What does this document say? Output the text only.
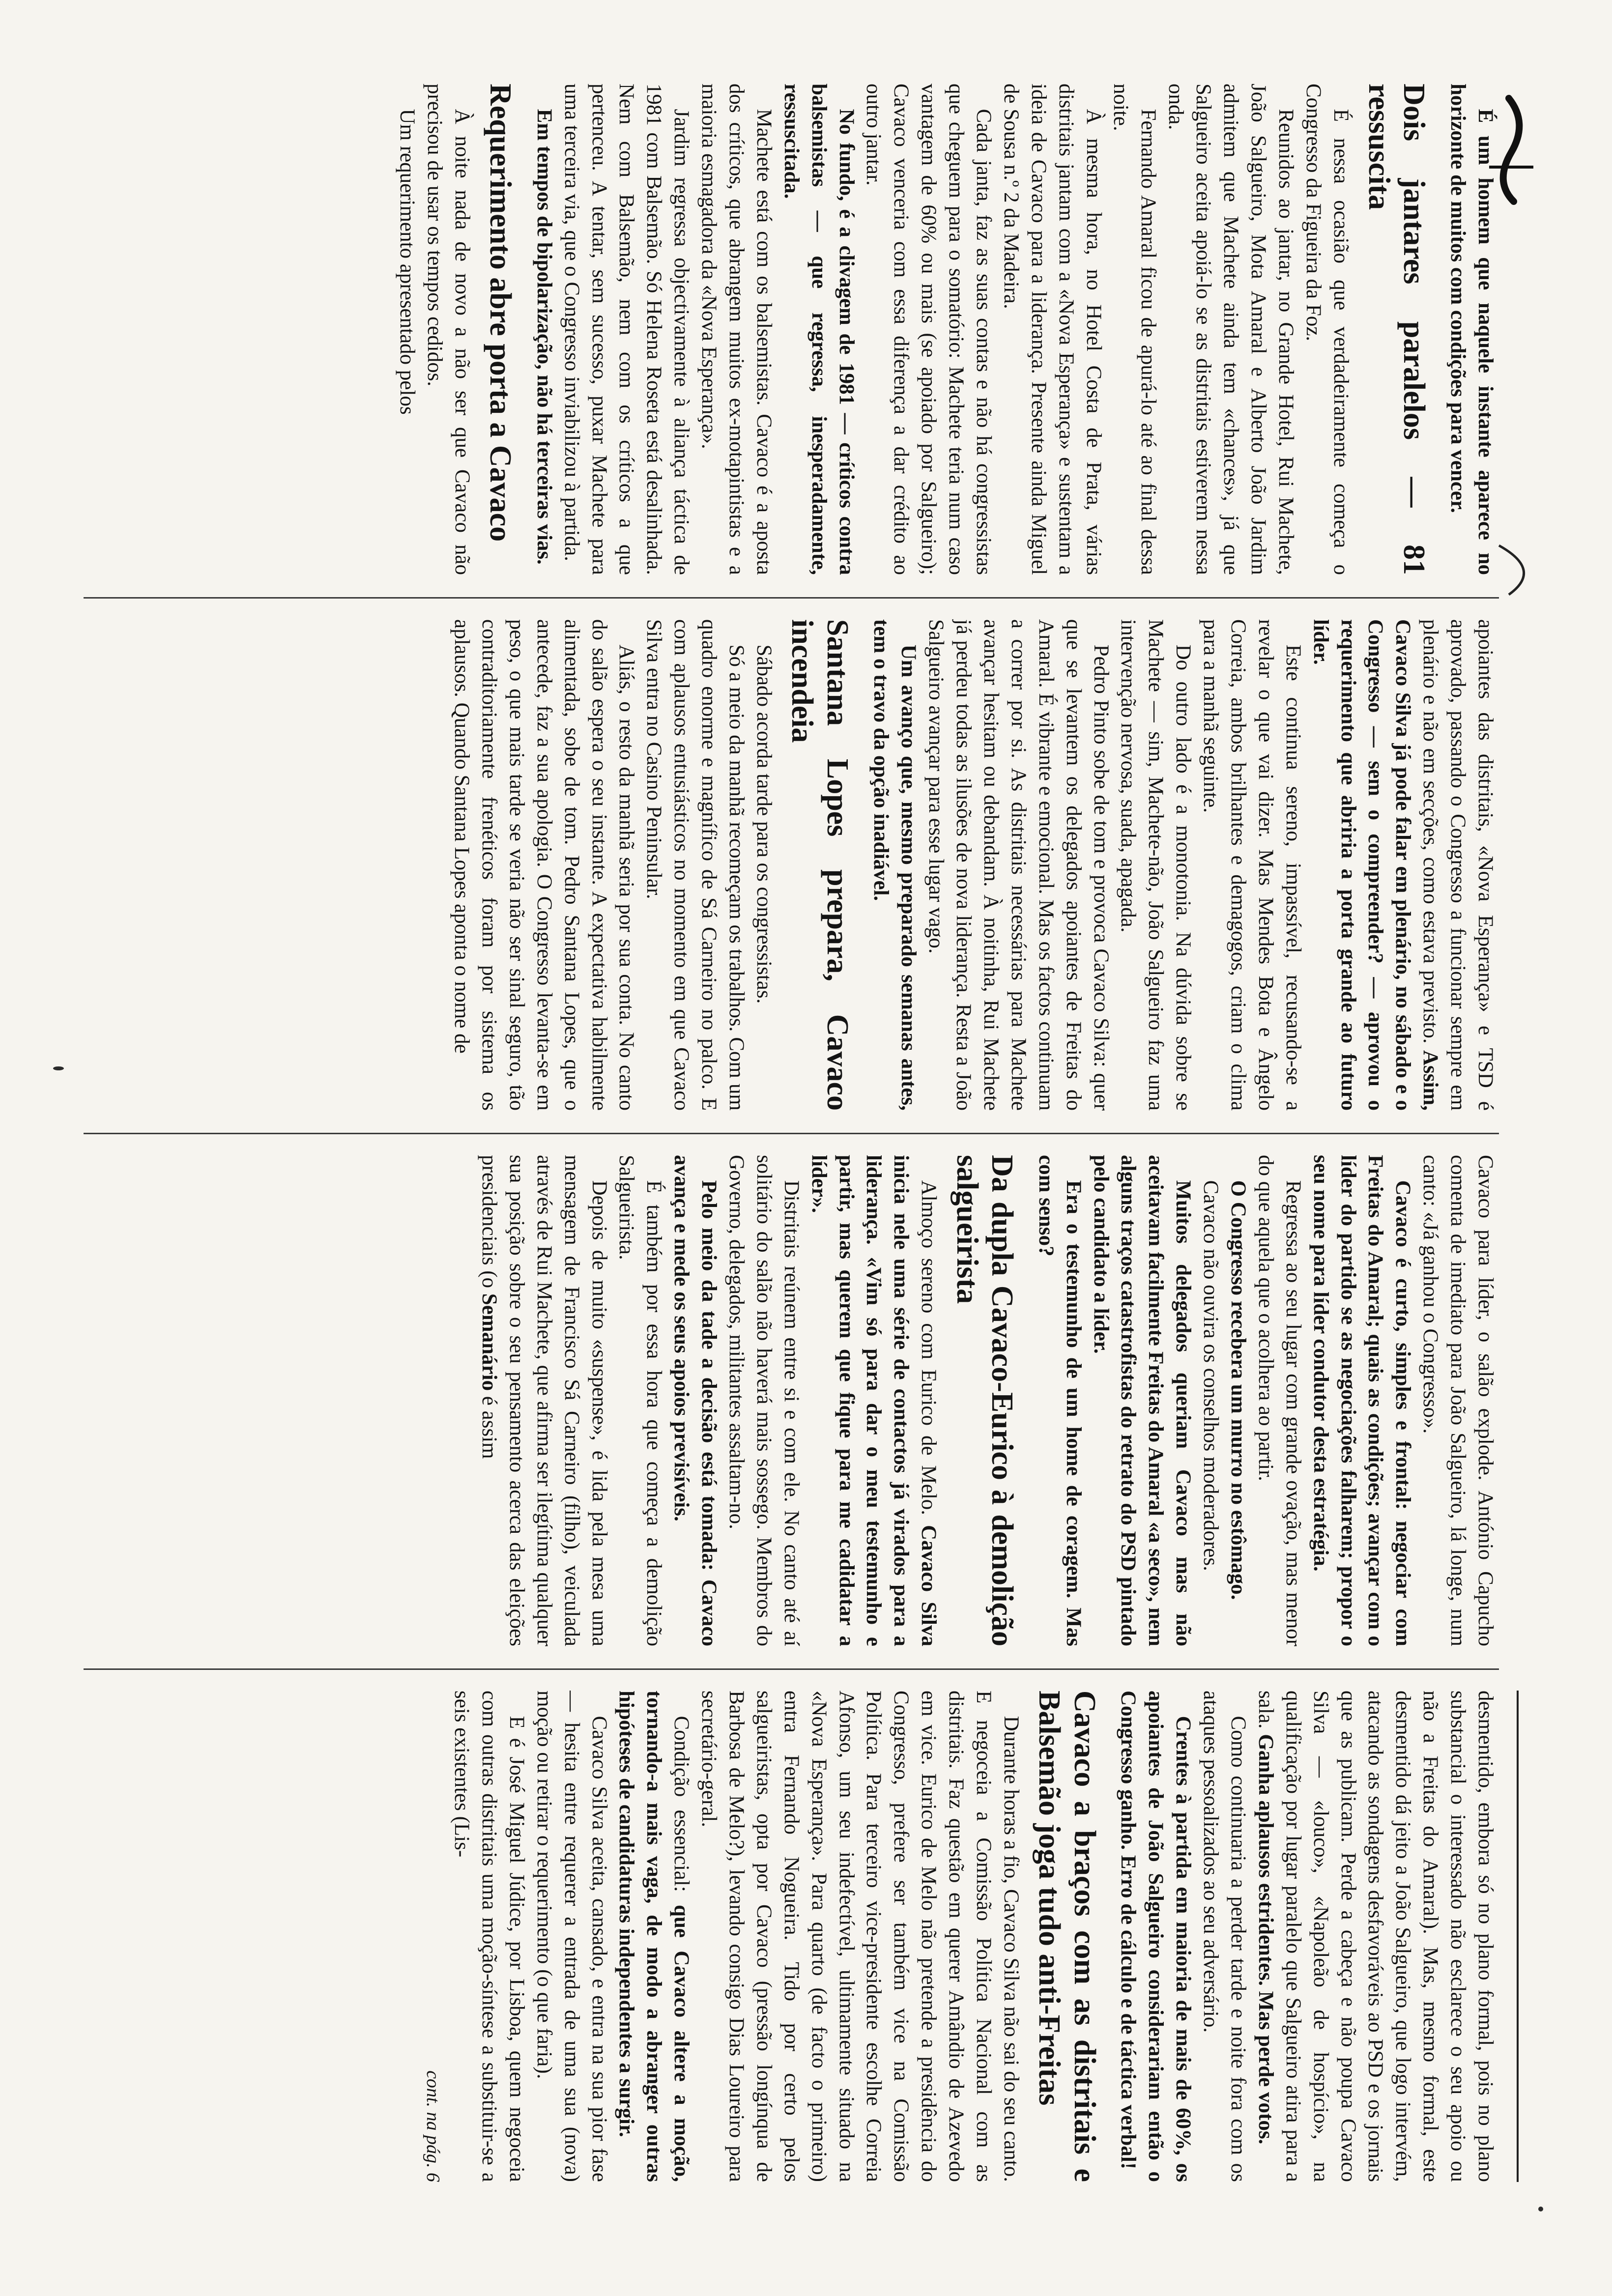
É um homem que naquele instante aparece no horizonte de muitos com condições para vencer.

Dois jantares paralelos — 81 ressuscita

É nessa ocasião que verdadeiramente começa o Congresso da Figueira da Foz.

Reunidos ao jantar, no Grande Hotel, Rui Machete, João Salgueiro, Mota Amaral e Alberto João Jardim admitem que Machete ainda tem «chances», já que Salgueiro aceita apoiá-lo se as distritais estiverem nessa onda.

Fernando Amaral ficou de apurá-lo até ao final dessa noite.

À mesma hora, no Hotel Costa de Prata, várias distritais jantam com a «Nova Esperança» e sustentam a ideia de Cavaco para a liderança. Presente ainda Miguel de Sousa n.º 2 da Madeira.

Cada janta, faz as suas contas e não há congressistas que cheguem para o somatório: Machete teria num caso vantagem de 60% ou mais (se apoiado por Salgueiro); Cavaco venceria com essa diferença a dar crédito ao outro jantar.

No fundo, é a clivagem de 1981 — críticos contra balsemistas — que regressa, inesperadamente, ressuscitada.

Machete está com os balsemistas. Cavaco é a aposta dos críticos, que abrangem muitos ex-motapintistas e a maioria esmagadora da «Nova Esperança».

Jardim regressa objectivamente à aliança táctica de 1981 com Balsemão. Só Helena Roseta está desalinhada. Nem com Balsemão, nem com os críticos a que pertenceu. A tentar, sem sucesso, puxar Machete para uma terceira via, que o Congresso inviabilizou à partida.

Em tempos de bipolarização, não há terceiras vias.

Requerimento abre porta a Cavaco

À noite nada de novo a não ser que Cavaco não precisou de usar os tempos cedidos.

Um requerimento apresentado pelos

apoiantes das distritais, «Nova Esperança» e TSD é aprovado, passando o Congresso a funcionar sempre em plenário e não em secções, como estava previsto. Assim, Cavaco Silva já pode falar em plenário, no sábado e o Congresso — sem o compreender? — aprovou o requerimento que abriria a porta grande ao futuro líder.

Este continua sereno, impassível, recusando-se a revelar o que vai dizer. Mas Mendes Bota e Ângelo Correia, ambos brilhantes e demagogos, criam o clima para a manhã seguinte.

Do outro lado é a monotonia. Na dúvida sobre se Machete — sim, Machete-não, João Salgueiro faz uma intervenção nervosa, suada, apagada.

Pedro Pinto sobe de tom e provoca Cavaco Silva: quer que se levantem os delegados apoiantes de Freitas do Amaral. É vibrante e emocional. Mas os factos continuam a correr por si. As distritais necessárias para Machete avançar hesitam ou debandam. À noitinha, Rui Machete já perdeu todas as ilusões de nova liderança. Resta a João Salgueiro avançar para esse lugar vago.

Um avanço que, mesmo preparado semanas antes, tem o travo da opção inadiável.

Santana Lopes prepara, Cavaco incendeia

Sábado acorda tarde para os congressistas.

Só a meio da manhã recomeçam os trabalhos. Com um quadro enorme e magnífico de Sá Carneiro no palco. E com aplausos entusiásticos no momento em que Cavaco Silva entra no Casino Peninsular.

Aliás, o resto da manhã seria por sua conta. No canto do salão espera o seu instante. A expectativa habilmente alimentada, sobe de tom. Pedro Santana Lopes, que o antecede, faz a sua apologia. O Congresso levanta-se em peso, o que mais tarde se veria não ser sinal seguro, tão contraditoriamente frenéticos foram por sistema os aplausos. Quando Santana Lopes aponta o nome de

Cavaco para líder, o salão explode. António Capucho comenta de imediato para João Salgueiro, lá longe, num canto: «Já ganhou o Congresso».

Cavaco é curto, simples e frontal: negociar com Freitas do Amaral; quais as condições; avançar com o líder do partido se as negociações falharem; propor o seu nome para líder condutor desta estratégia.

Regressa ao seu lugar com grande ovação, mas menor do que aquela que o acolhera ao partir.

O Congresso recebera um murro no estômago.

Cavaco não ouvira os conselhos moderadores.

Muitos delegados queriam Cavaco mas não aceitavam facilmente Freitas do Amaral «a seco», nem alguns traços catastrofistas do retrato do PSD pintado pelo candidato a líder.

Era o testemunho de um home de coragem. Mas com senso?

Da dupla Cavaco-Eurico à demolição salgueirista

Almoço sereno com Eurico de Melo. Cavaco Silva inicia nele uma série de contactos já virados para a liderança. «Vim só para dar o meu testemunho e partir, mas querem que fique para me cadidatar a líder».

Distritais reúnem entre si e com ele. No canto até aí solitário do salão não haverá mais sossego. Membros do Governo, delegados, militantes assaltam-no.

Pelo meio da tade a decisão está tomada: Cavaco avança e mede os seus apoios previsíveis.

É também por essa hora que começa a demolição Salgueirista.

Depois de muito «suspense», é lida pela mesa uma mensagem de Francisco Sá Carneiro (filho), veiculada através de Rui Machete, que afirma ser ilegítima qualquer sua posição sobre o seu pensamento acerca das eleições presidenciais (o Semanário é assim

desmentido, embora só no plano formal, pois no plano substancial o interessado não esclarece o seu apoio ou não a Freitas do Amaral). Mas, mesmo formal, este desmentido dá jeito a João Salgueiro, que logo intervém, atacando as sondagens desfavoráveis ao PSD e os jornais que as publicam. Perde a cabeça e não poupa Cavaco Silva — «louco», «Napoleão de hospício», na qualificação por lugar paralelo que Salgueiro atira para a sala. Ganha aplausos estridentes. Mas perde votos.

Como continuaria a perder tarde e noite fora com os ataques pessoalizados ao seu adversário.

Crentes à partida em maioria de mais de 60%, os apoiantes de João Salgueiro considerariam então o Congresso ganho. Erro de cálculo e de táctica verbal!

Cavaco a braços com as distritais e Balsemão joga tudo anti-Freitas

Durante horas a fio, Cavaco Silva não sai do seu canto. E negoceia a Comissão Política Nacional com as distritais. Faz questão em querer Amândio de Azevedo em vice. Eurico de Melo não pretende a presidência do Congresso, prefere ser também vice na Comissão Política. Para terceiro vice-presidente escolhe Correia Afonso, um seu indefectível, ultimamente situado na «Nova Esperança». Para quarto (de facto o primeiro) entra Fernando Nogueira. Tido por certo pelos salgueiristas, opta por Cavaco (pressão longínqua de Barbosa de Melo?), levando consigo Dias Loureiro para secretário-geral.

Condição essencial: que Cavaco altere a moção, tornando-a mais vaga, de modo a abranger outras hipóteses de candidaturas independentes a surgir.

Cavaco Silva aceita, cansado, e entra na sua pior fase — hesita entre requerer a entrada de uma sua (nova) moção ou retirar o requerimento (o que faria).

E é José Miguel Júdice, por Lisboa, quem negoceia com outras distritais uma moção-síntese a substituir-se a seis existentes (Lis-

cont. na pág. 6
